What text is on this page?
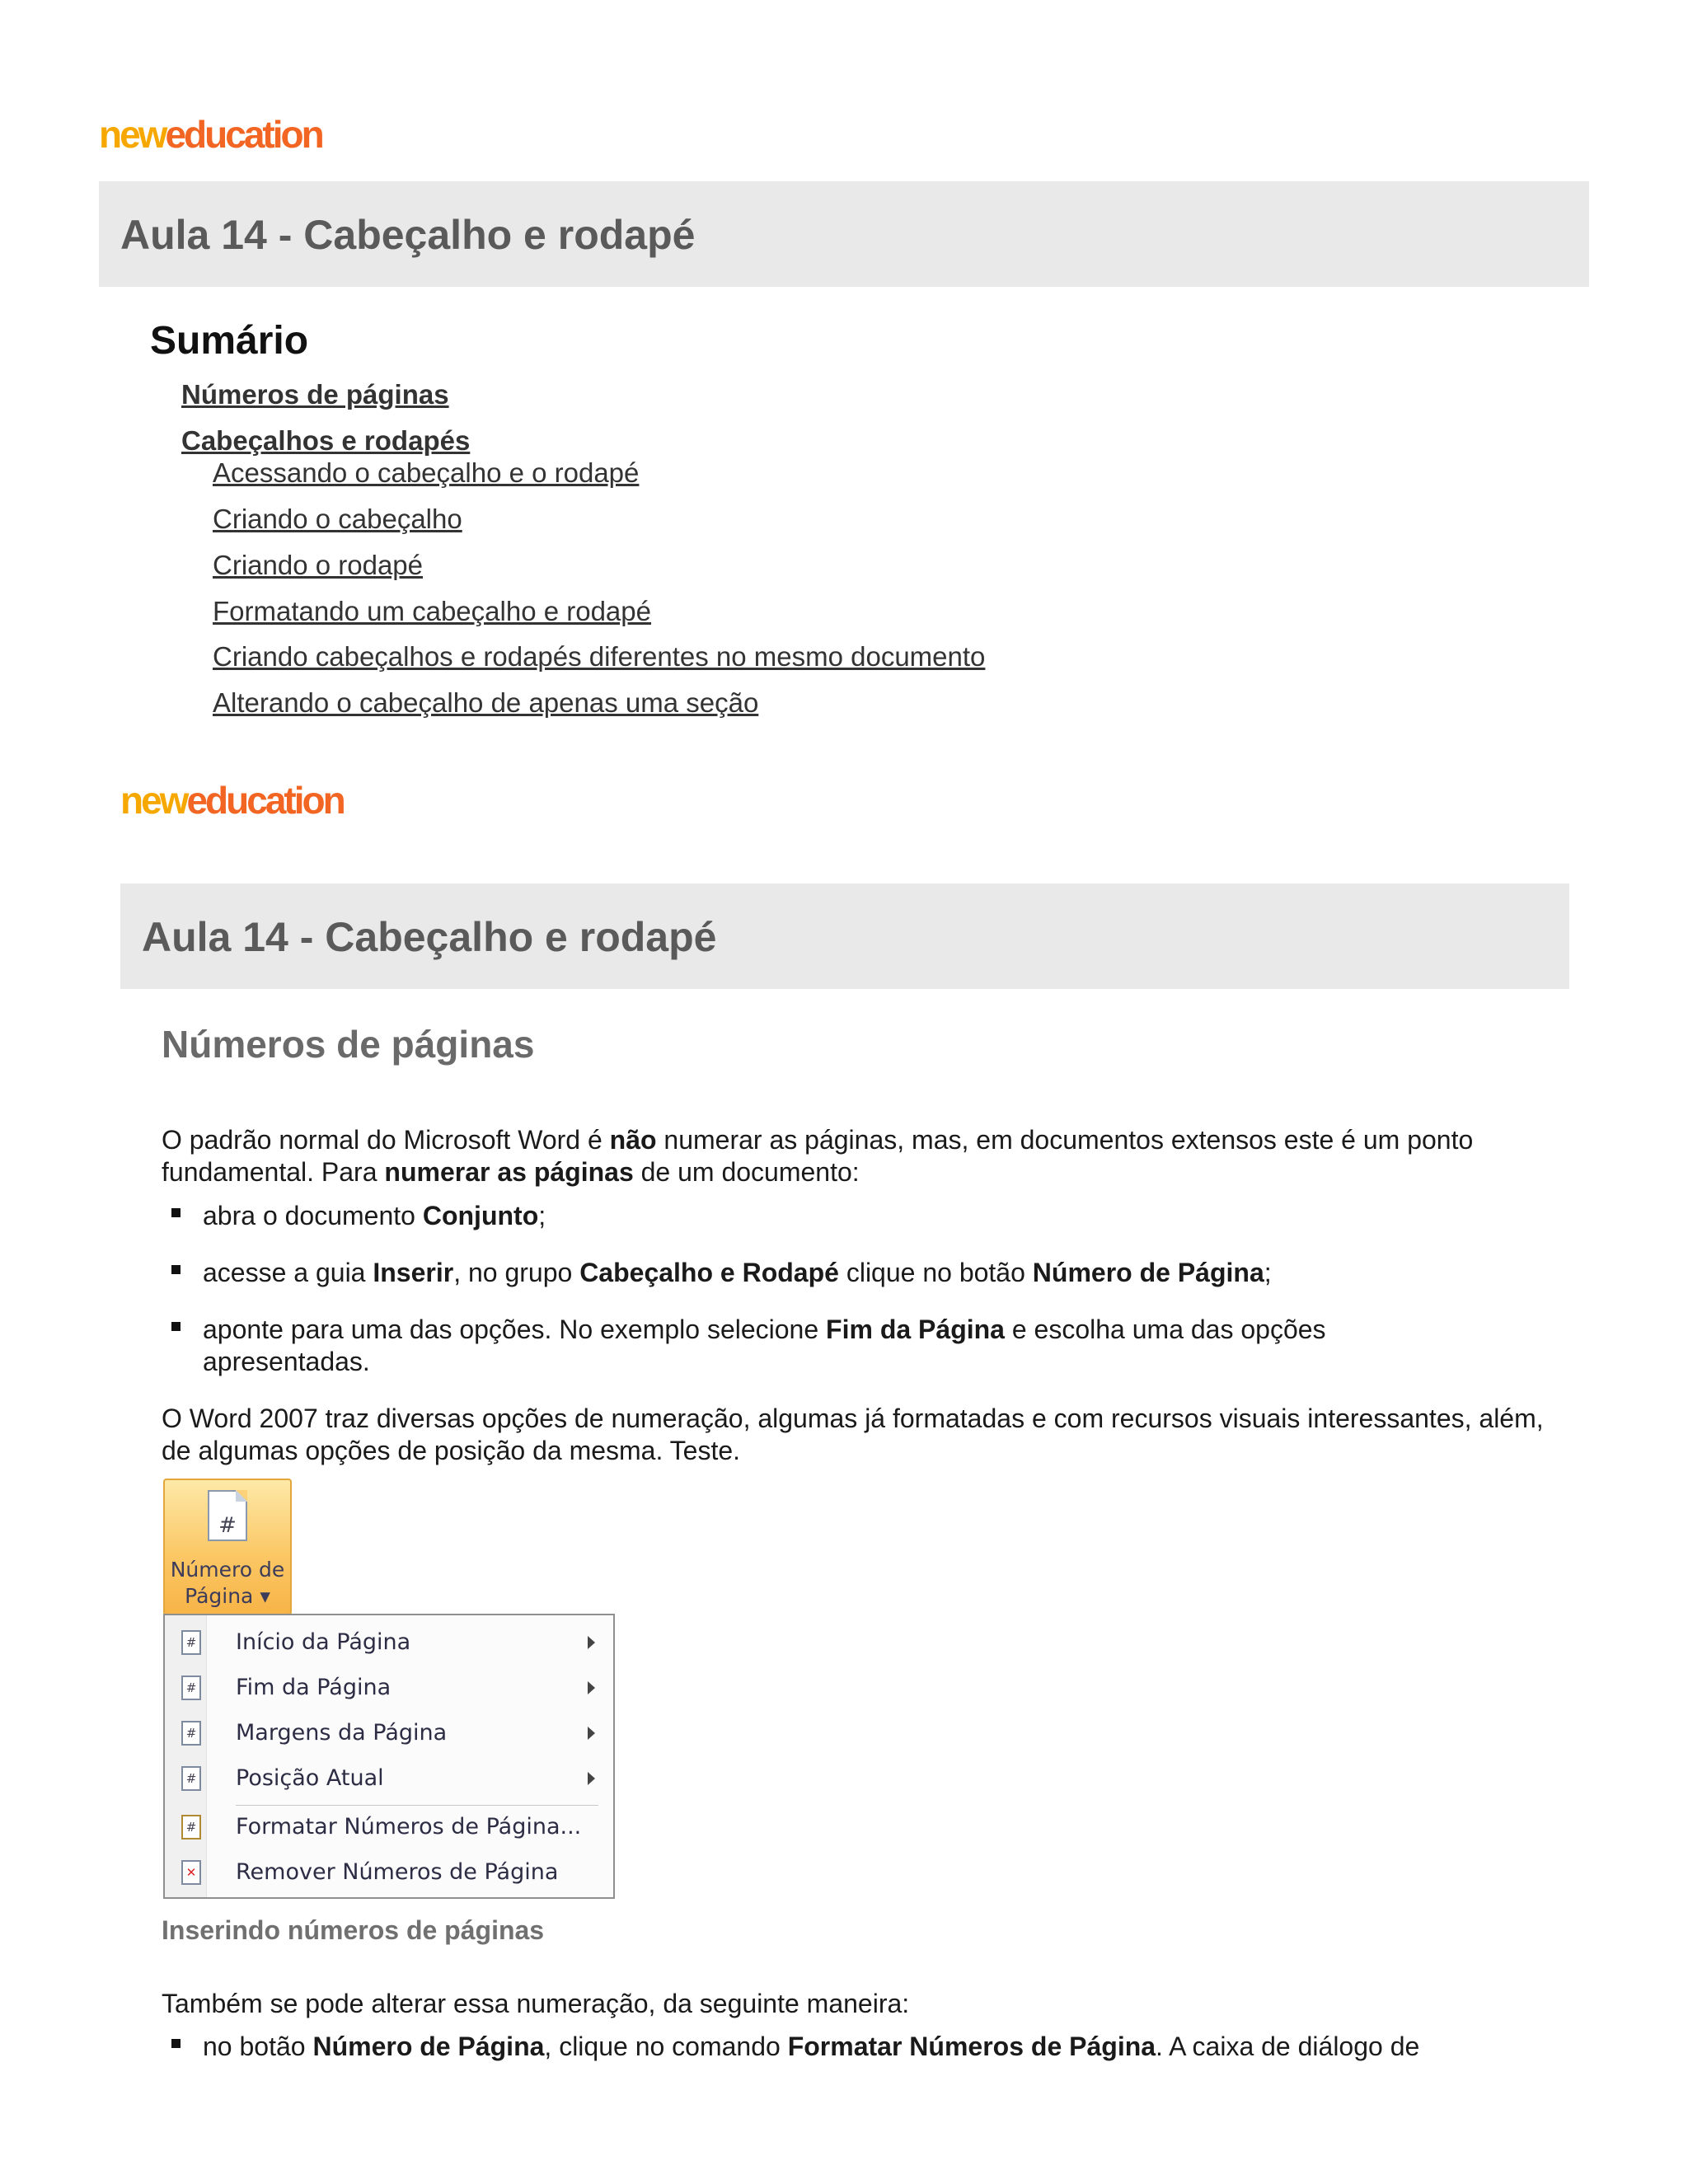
neweducation
Aula 14 - Cabeçalho e rodapé
Sumário
Números de páginas
Cabeçalhos e rodapés
Acessando o cabeçalho e o rodapé
Criando o cabeçalho
Criando o rodapé
Formatando um cabeçalho e rodapé
Criando cabeçalhos e rodapés diferentes no mesmo documento
Alterando o cabeçalho de apenas uma seção
neweducation
Aula 14 - Cabeçalho e rodapé
Números de páginas
O padrão normal do Microsoft Word é não numerar as páginas, mas, em documentos extensos este é um ponto fundamental. Para numerar as páginas de um documento:
abra o documento Conjunto;
acesse a guia Inserir, no grupo Cabeçalho e Rodapé clique no botão Número de Página;
aponte para uma das opções. No exemplo selecione Fim da Página e escolha uma das opções apresentadas.
O Word 2007 traz diversas opções de numeração, algumas já formatadas e com recursos visuais interessantes, além, de algumas opções de posição da mesma. Teste.
#
Número de
Página ▾
# Início da Página
# Fim da Página
# Margens da Página
# Posição Atual
# Formatar Números de Página...
✕ Remover Números de Página
Inserindo números de páginas
Também se pode alterar essa numeração, da seguinte maneira:
no botão Número de Página, clique no comando Formatar Números de Página. A caixa de diálogo de
